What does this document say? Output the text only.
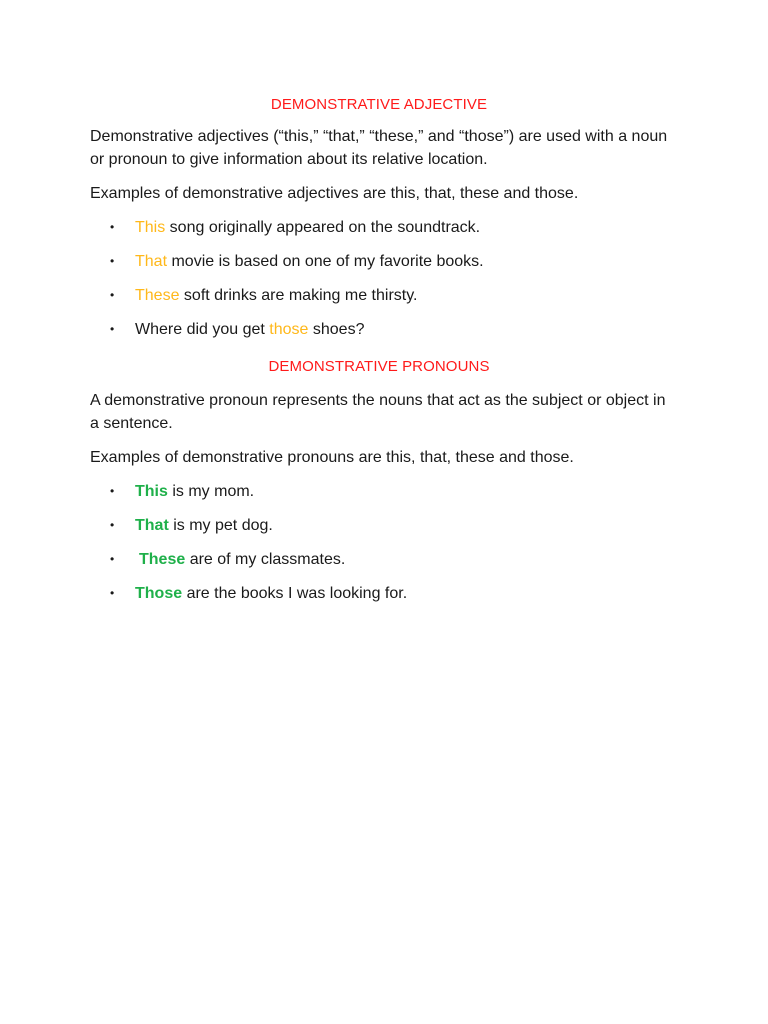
DEMONSTRATIVE ADJECTIVE

Demonstrative adjectives (“this,” “that,” “these,” and “those”) are used with a noun or pronoun to give information about its relative location.

Examples of demonstrative adjectives are this, that, these and those.

• This song originally appeared on the soundtrack.
• That movie is based on one of my favorite books.
• These soft drinks are making me thirsty.
• Where did you get those shoes?
DEMONSTRATIVE PRONOUNS

A demonstrative pronoun represents the nouns that act as the subject or object in a sentence.

Examples of demonstrative pronouns are this, that, these and those.

• This is my mom.
• That is my pet dog.
• These are of my classmates.
• Those are the books I was looking for.
